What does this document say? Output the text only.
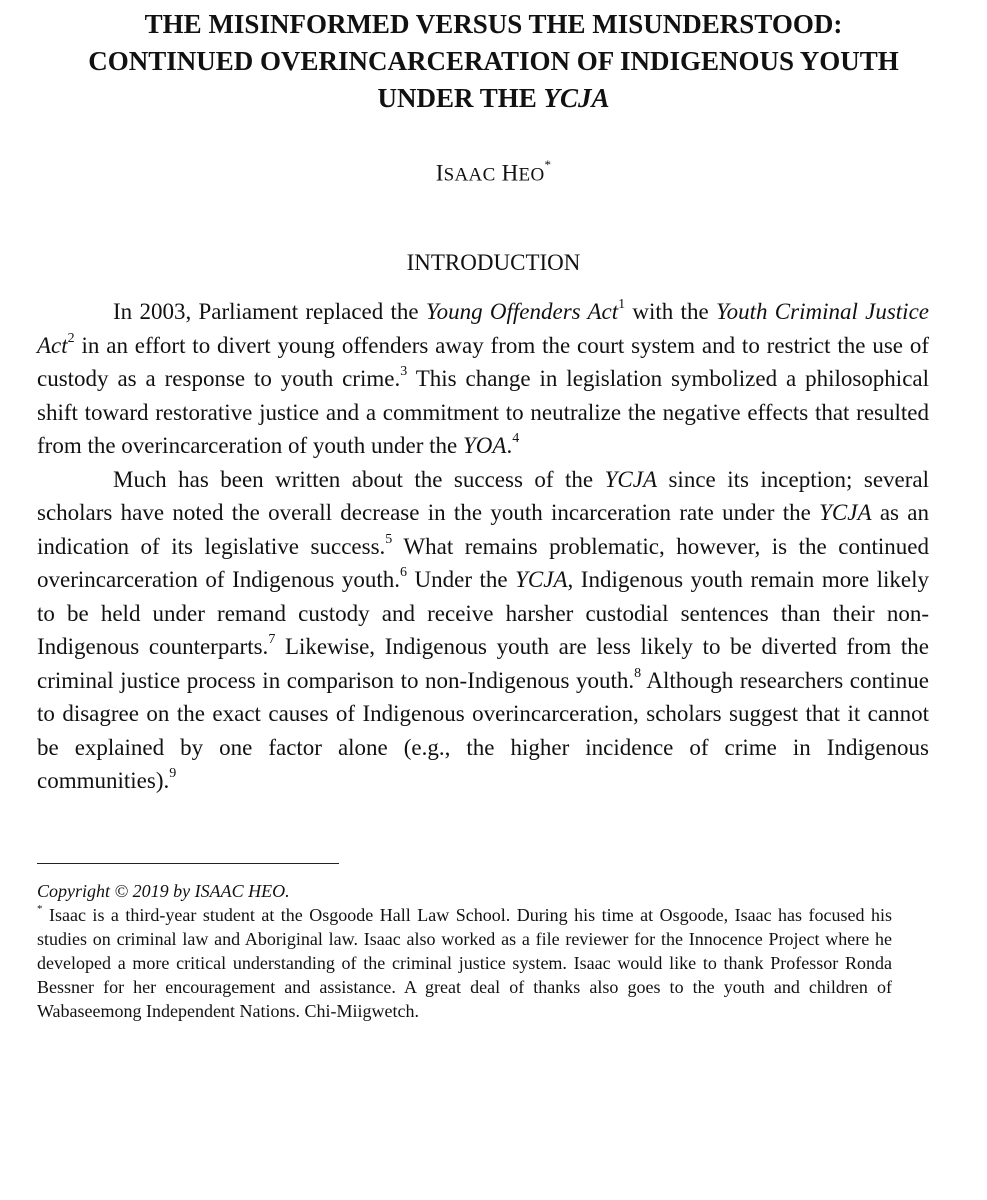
THE MISINFORMED VERSUS THE MISUNDERSTOOD:
CONTINUED OVERINCARCERATION OF INDIGENOUS YOUTH
UNDER THE YCJA
ISAAC HEO*
INTRODUCTION

In 2003, Parliament replaced the Young Offenders Act$^1$ with the Youth Criminal Justice Act$^2$ in an effort to divert young offenders away from the court system and to restrict the use of custody as a response to youth crime.$^3$ This change in legislation symbolized a philosophical shift toward restorative justice and a commitment to neutralize the negative effects that resulted from the overincarceration of youth under the YOA.$^4$

Much has been written about the success of the YCJA since its inception; several scholars have noted the overall decrease in the youth incarceration rate under the YCJA as an indication of its legislative success.$^5$ What remains problematic, however, is the continued overincarceration of Indigenous youth.$^6$ Under the YCJA, Indigenous youth remain more likely to be held under remand custody and receive harsher custodial sentences than their non-Indigenous counterparts.$^7$ Likewise, Indigenous youth are less likely to be diverted from the criminal justice process in comparison to non-Indigenous youth.$^8$ Although researchers continue to disagree on the exact causes of Indigenous overincarceration, scholars suggest that it cannot be explained by one factor alone (e.g., the higher incidence of crime in Indigenous communities).$^9$

Copyright © 2019 by ISAAC HEO.
* Isaac is a third-year student at the Osgoode Hall Law School. During his time at Osgoode, Isaac has focused his studies on criminal law and Aboriginal law. Isaac also worked as a file reviewer for the Innocence Project where he developed a more critical understanding of the criminal justice system. Isaac would like to thank Professor Ronda Bessner for her encouragement and assistance. A great deal of thanks also goes to the youth and children of Wabaseemong Independent Nations. Chi-Miigwetch.
